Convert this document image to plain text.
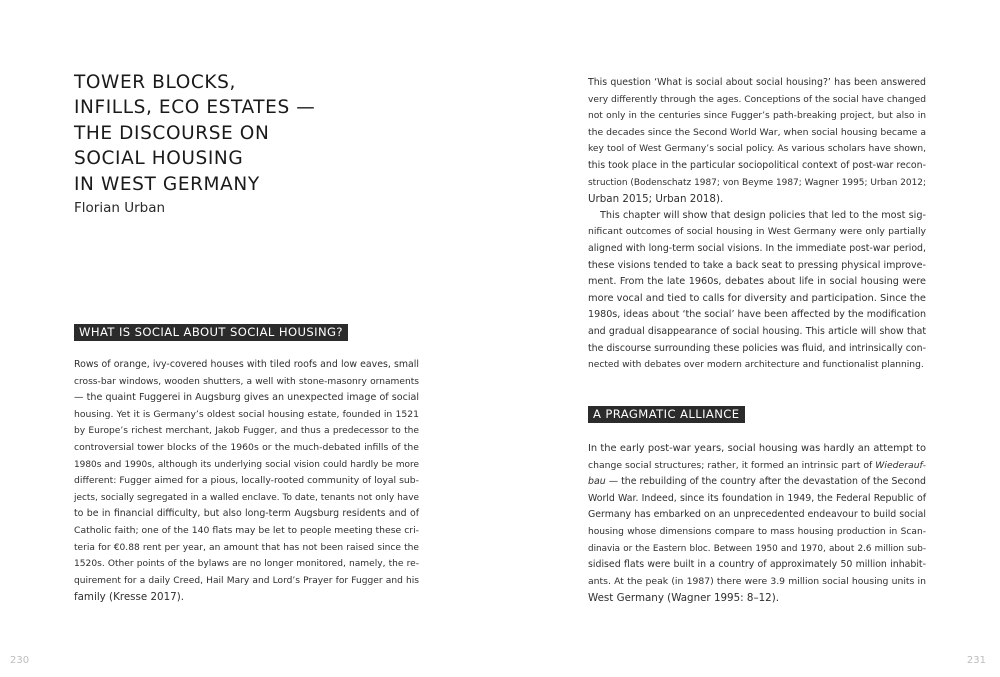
TOWER BLOCKS,
INFILLS, ECO ESTATES —
THE DISCOURSE ON
SOCIAL HOUSING
IN WEST GERMANY
Florian Urban
WHAT IS SOCIAL ABOUT SOCIAL HOUSING?
Rows of orange, ivy-covered houses with tiled roofs and low eaves, small
cross-bar windows, wooden shutters, a well with stone-masonry ornaments
— the quaint Fuggerei in Augsburg gives an unexpected image of social
housing. Yet it is Germany’s oldest social housing estate, founded in 1521
by Europe’s richest merchant, Jakob Fugger, and thus a predecessor to the
controversial tower blocks of the 1960s or the much-debated infills of the
1980s and 1990s, although its underlying social vision could hardly be more
different: Fugger aimed for a pious, locally-rooted community of loyal sub-
jects, socially segregated in a walled enclave. To date, tenants not only have
to be in financial difficulty, but also long-term Augsburg residents and of
Catholic faith; one of the 140 flats may be let to people meeting these cri-
teria for €0.88 rent per year, an amount that has not been raised since the
1520s. Other points of the bylaws are no longer monitored, namely, the re-
quirement for a daily Creed, Hail Mary and Lord’s Prayer for Fugger and his
family (Kresse 2017).
230
This question ‘What is social about social housing?’ has been answered
very differently through the ages. Conceptions of the social have changed
not only in the centuries since Fugger’s path-breaking project, but also in
the decades since the Second World War, when social housing became a
key tool of West Germany’s social policy. As various scholars have shown,
this took place in the particular sociopolitical context of post-war recon-
struction (Bodenschatz 1987; von Beyme 1987; Wagner 1995; Urban 2012;
Urban 2015; Urban 2018).
This chapter will show that design policies that led to the most sig-
nificant outcomes of social housing in West Germany were only partially
aligned with long-term social visions. In the immediate post-war period,
these visions tended to take a back seat to pressing physical improve-
ment. From the late 1960s, debates about life in social housing were
more vocal and tied to calls for diversity and participation. Since the
1980s, ideas about ‘the social’ have been affected by the modification
and gradual disappearance of social housing. This article will show that
the discourse surrounding these policies was fluid, and intrinsically con-
nected with debates over modern architecture and functionalist planning.
A PRAGMATIC ALLIANCE
In the early post-war years, social housing was hardly an attempt to
change social structures; rather, it formed an intrinsic part of Wiederauf-
bau — the rebuilding of the country after the devastation of the Second
World War. Indeed, since its foundation in 1949, the Federal Republic of
Germany has embarked on an unprecedented endeavour to build social
housing whose dimensions compare to mass housing production in Scan-
dinavia or the Eastern bloc. Between 1950 and 1970, about 2.6 million sub-
sidised flats were built in a country of approximately 50 million inhabit-
ants. At the peak (in 1987) there were 3.9 million social housing units in
West Germany (Wagner 1995: 8–12).
231
